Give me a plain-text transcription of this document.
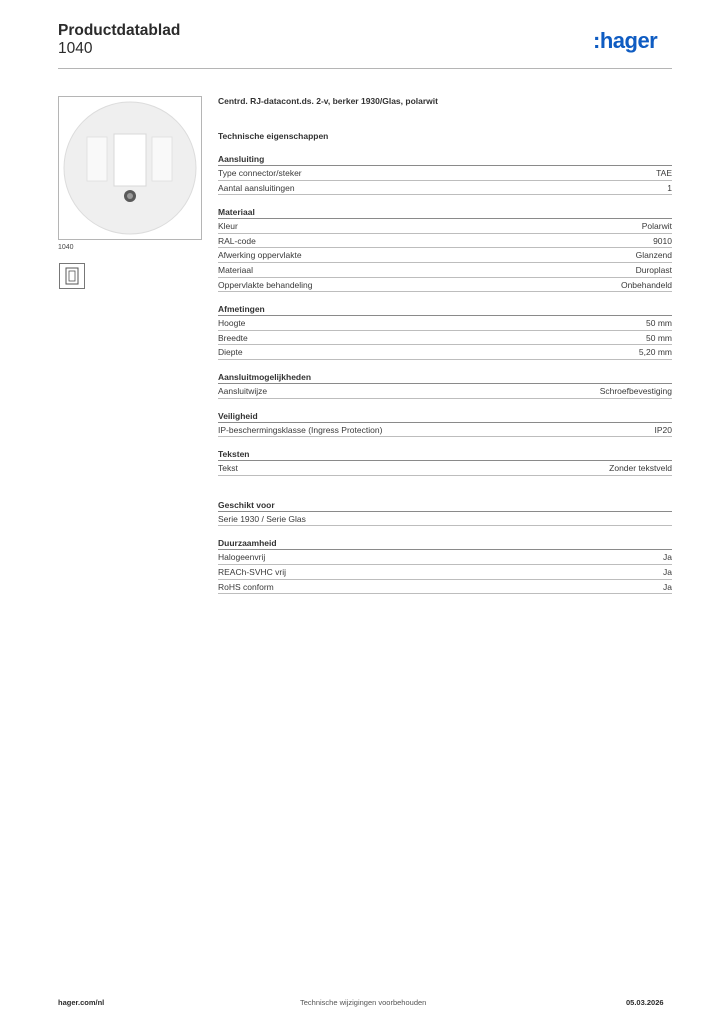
Productdatablad
1040	:hager
1040
Centrd. RJ-datacont.ds. 2-v, berker 1930/Glas, polarwit
Technische eigenschappen
Aansluiting
Type connector/steker	TAE
Aantal aansluitingen	1
Materiaal
Kleur	Polarwit
RAL-code	9010
Afwerking oppervlakte	Glanzend
Materiaal	Duroplast
Oppervlakte behandeling	Onbehandeld
Afmetingen
Hoogte	50 mm
Breedte	50 mm
Diepte	5,20 mm
Aansluitmogelijkheden
Aansluitwijze	Schroefbevestiging
Veiligheid
IP-beschermingsklasse (Ingress Protection)	IP20
Teksten
Tekst	Zonder tekstveld
Geschikt voor
Serie 1930 / Serie Glas
Duurzaamheid
Halogeenvrij	Ja
REACh-SVHC vrij	Ja
RoHS conform	Ja
hager.com/nl	Technische wijzigingen voorbehouden	05.03.2026
